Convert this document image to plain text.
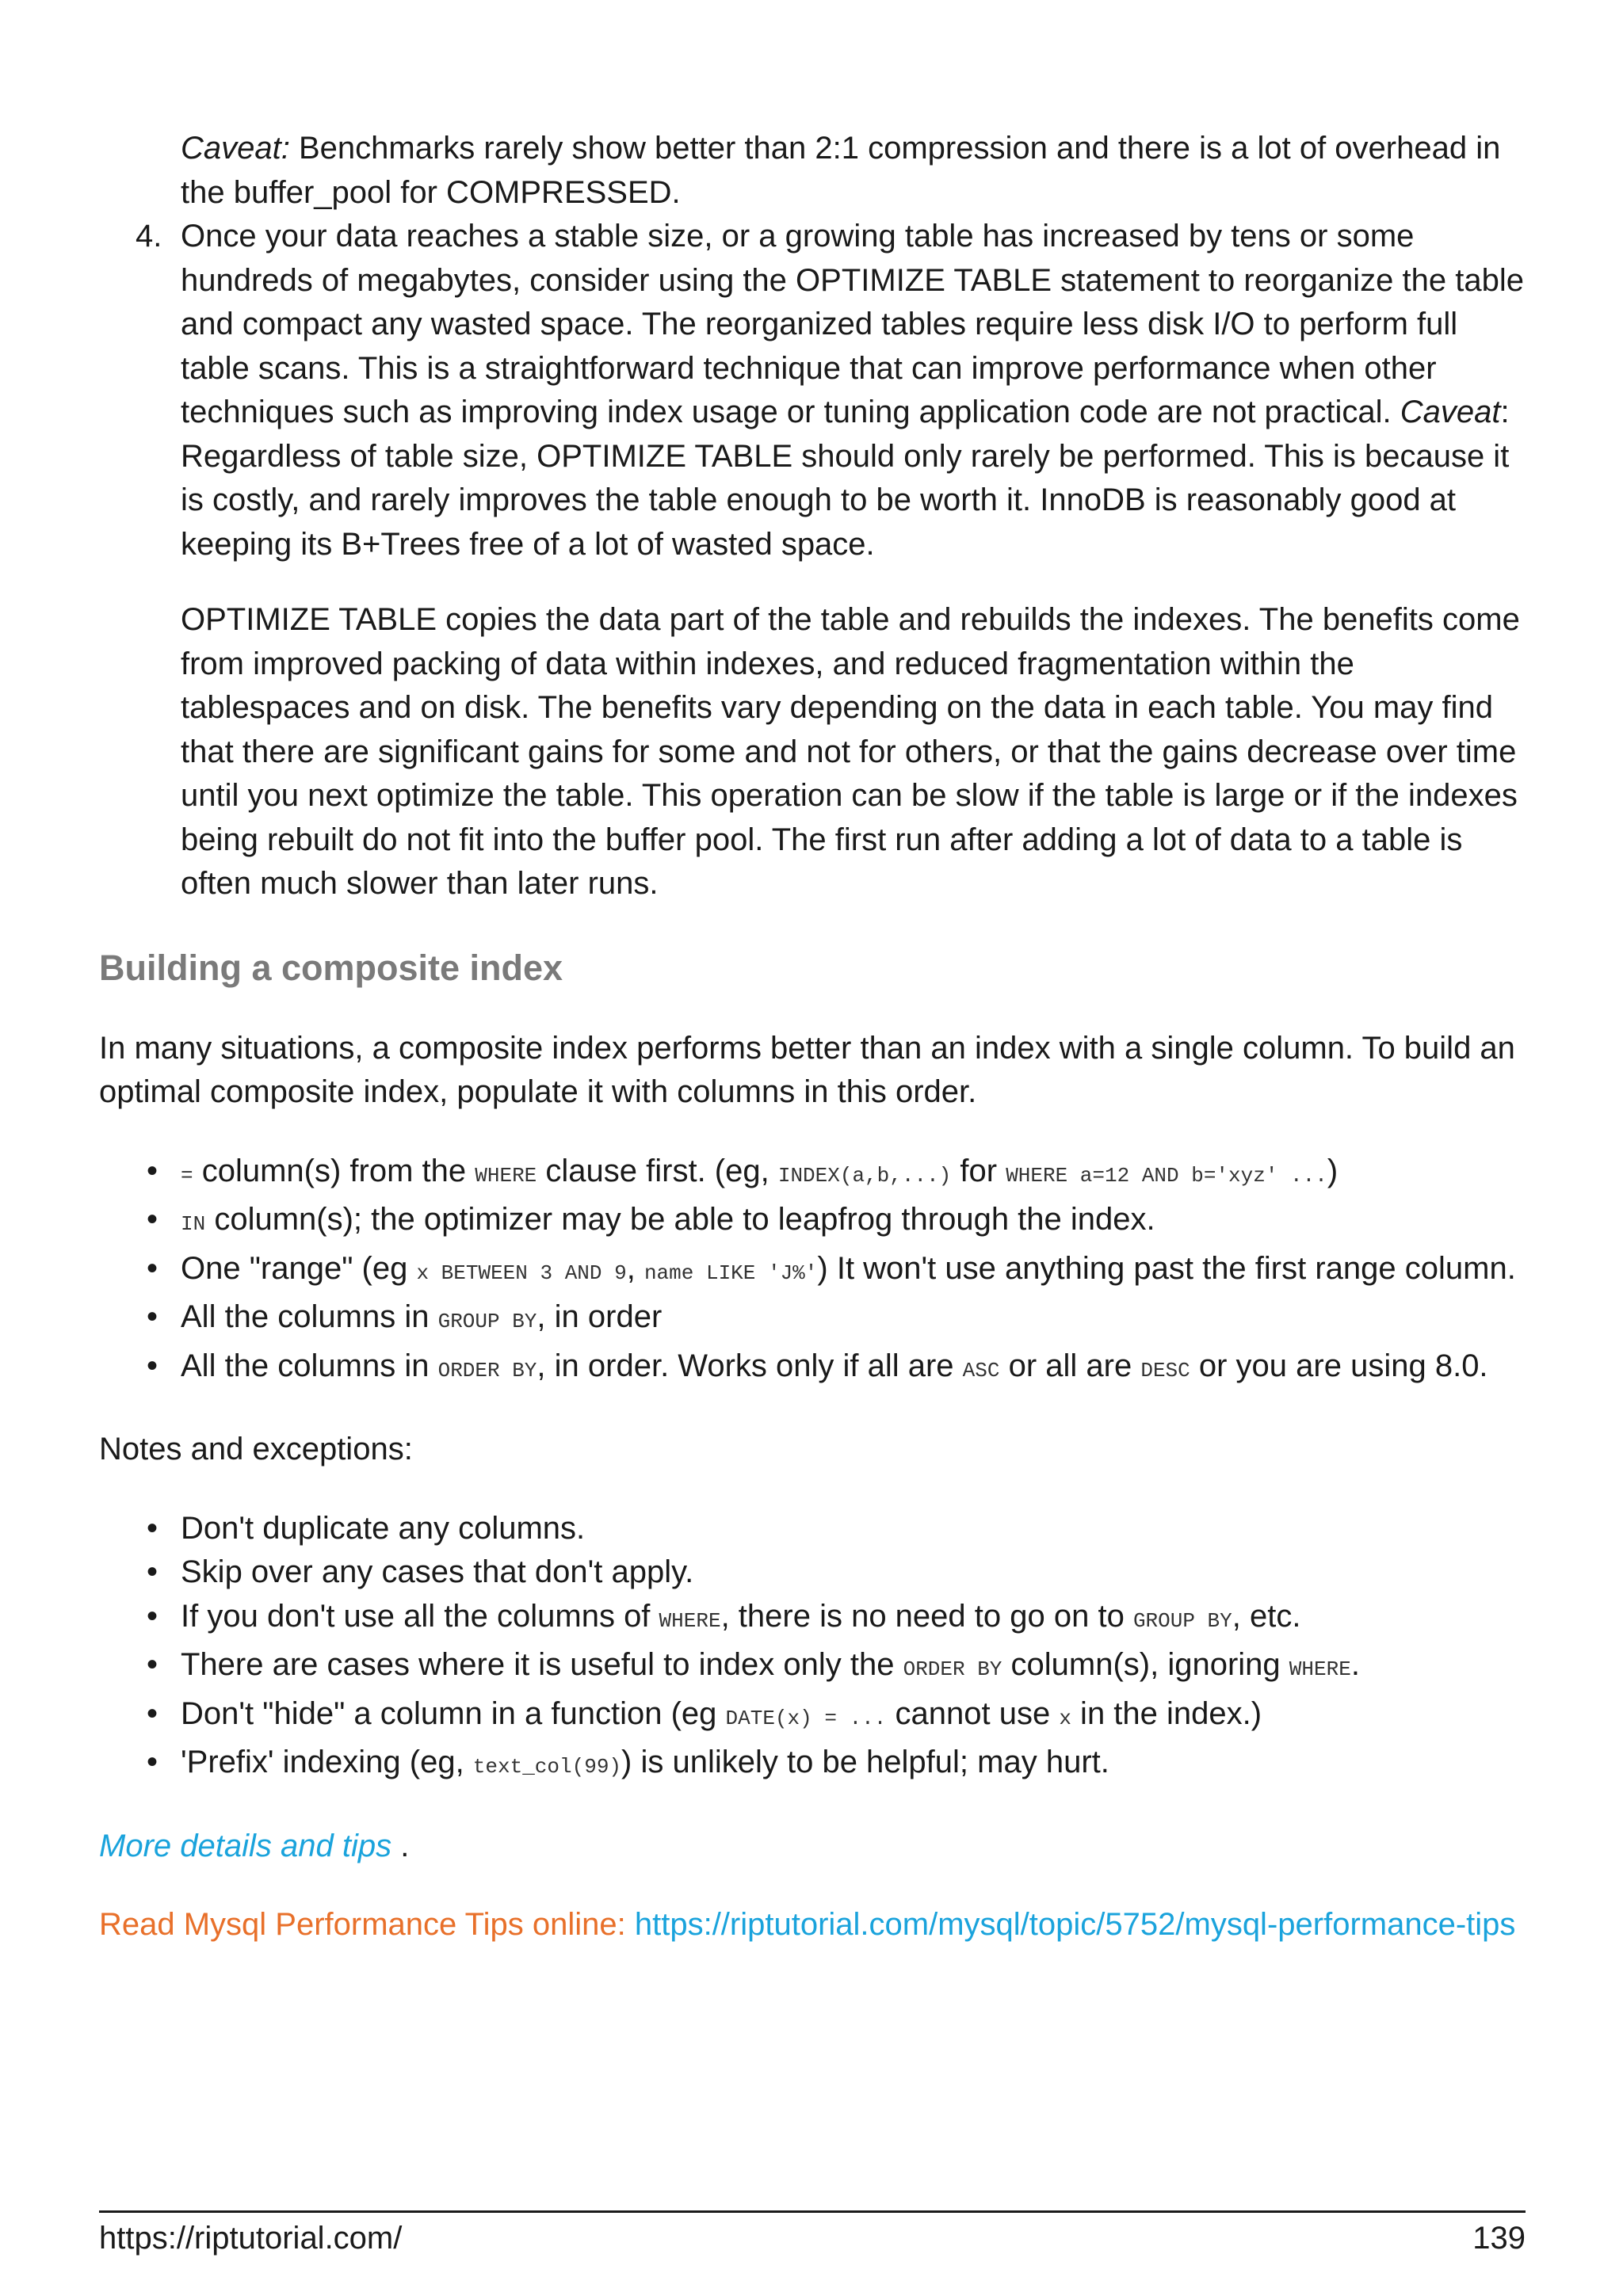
Caveat: Benchmarks rarely show better than 2:1 compression and there is a lot of overhead in the buffer_pool for COMPRESSED.

4. Once your data reaches a stable size, or a growing table has increased by tens or some hundreds of megabytes, consider using the OPTIMIZE TABLE statement to reorganize the table and compact any wasted space. The reorganized tables require less disk I/O to perform full table scans. This is a straightforward technique that can improve performance when other techniques such as improving index usage or tuning application code are not practical. Caveat: Regardless of table size, OPTIMIZE TABLE should only rarely be performed. This is because it is costly, and rarely improves the table enough to be worth it. InnoDB is reasonably good at keeping its B+Trees free of a lot of wasted space.

OPTIMIZE TABLE copies the data part of the table and rebuilds the indexes. The benefits come from improved packing of data within indexes, and reduced fragmentation within the tablespaces and on disk. The benefits vary depending on the data in each table. You may find that there are significant gains for some and not for others, or that the gains decrease over time until you next optimize the table. This operation can be slow if the table is large or if the indexes being rebuilt do not fit into the buffer pool. The first run after adding a lot of data to a table is often much slower than later runs.

Building a composite index

In many situations, a composite index performs better than an index with a single column. To build an optimal composite index, populate it with columns in this order.

• = column(s) from the WHERE clause first. (eg, INDEX(a,b,...) for WHERE a=12 AND b='xyz' ...)
• IN column(s); the optimizer may be able to leapfrog through the index.
• One "range" (eg x BETWEEN 3 AND 9, name LIKE 'J%') It won't use anything past the first range column.
• All the columns in GROUP BY, in order
• All the columns in ORDER BY, in order. Works only if all are ASC or all are DESC or you are using 8.0.

Notes and exceptions:

• Don't duplicate any columns.
• Skip over any cases that don't apply.
• If you don't use all the columns of WHERE, there is no need to go on to GROUP BY, etc.
• There are cases where it is useful to index only the ORDER BY column(s), ignoring WHERE.
• Don't "hide" a column in a function (eg DATE(x) = ... cannot use x in the index.)
• 'Prefix' indexing (eg, text_col(99)) is unlikely to be helpful; may hurt.

More details and tips .

Read Mysql Performance Tips online: https://riptutorial.com/mysql/topic/5752/mysql-performance-tips

https://riptutorial.com/	139
